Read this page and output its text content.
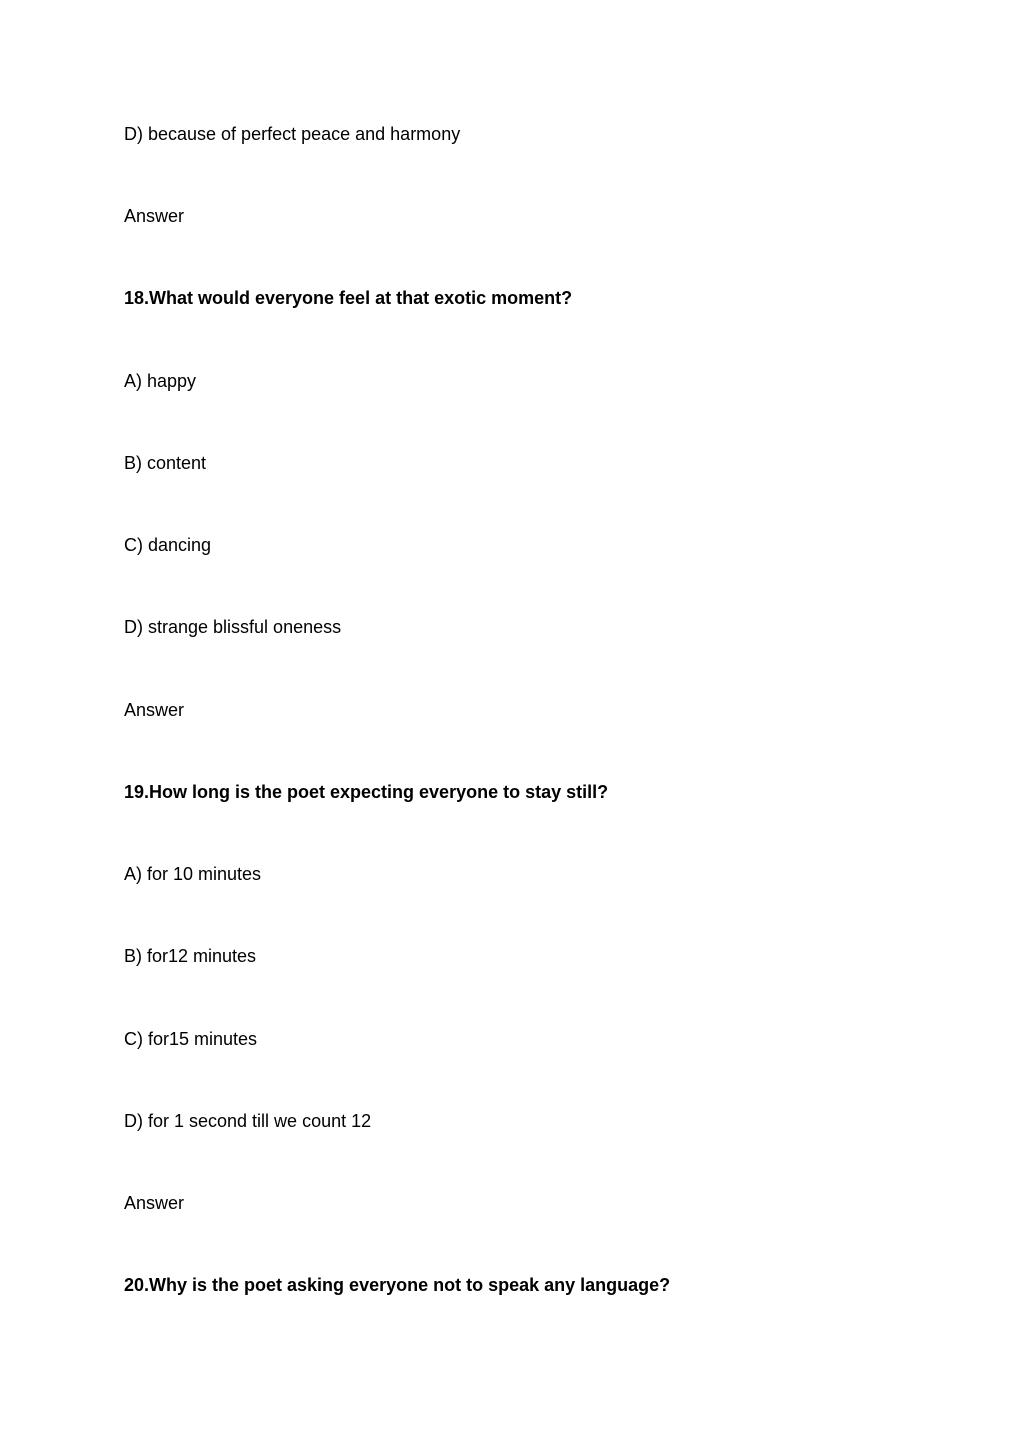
D) because of perfect peace and harmony
Answer
18.What would everyone feel at that exotic moment?
A) happy
B) content
C) dancing
D) strange blissful oneness
Answer
19.How long is the poet expecting everyone to stay still?
A) for 10 minutes
B) for12 minutes
C) for15 minutes
D) for 1 second till we count 12
Answer
20.Why is the poet asking everyone not to speak any language?
